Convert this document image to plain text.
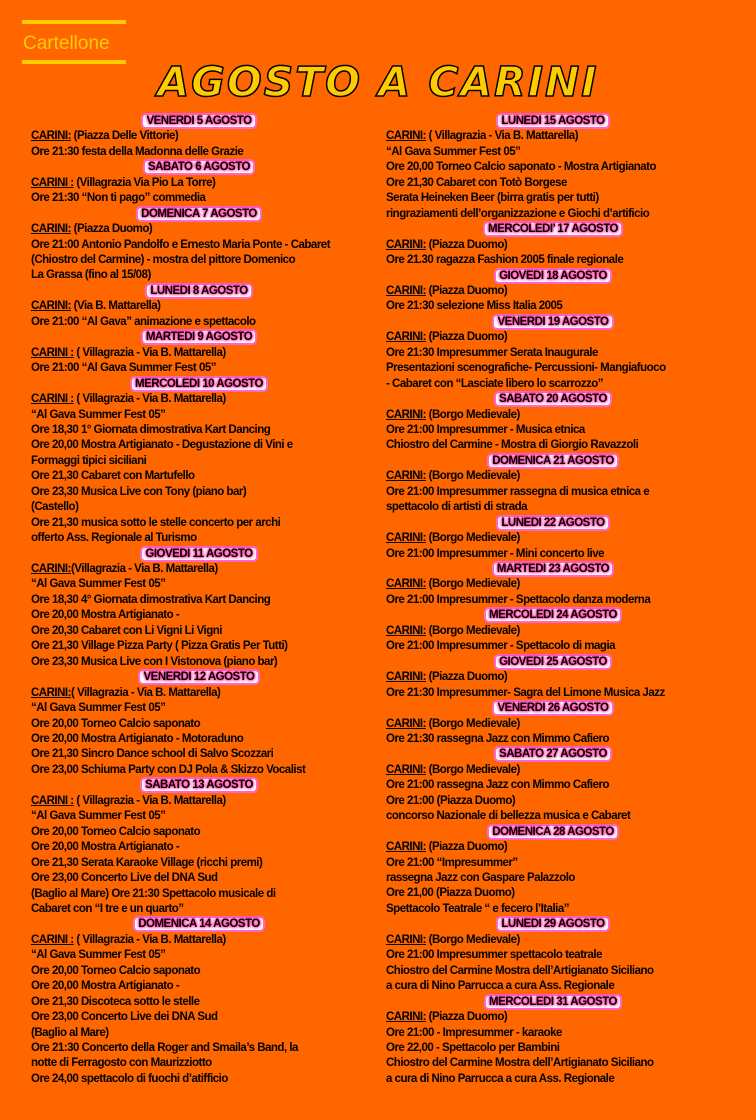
Cartellone
AGOSTO A CARINI
VENERDI 5 AGOSTO
CARINI: (Piazza Delle Vittorie)
Ore 21:30 festa della Madonna delle Grazie
SABATO 6 AGOSTO
CARINI : (Villagrazia Via Pio La Torre)
Ore 21:30 “Non ti pago” commedia
DOMENICA 7 AGOSTO
CARINI: (Piazza Duomo)
Ore 21:00 Antonio Pandolfo e Ernesto Maria Ponte - Cabaret
(Chiostro del Carmine) - mostra del pittore Domenico
La Grassa (fino al 15/08)
LUNEDI 8 AGOSTO
CARINI: (Via B. Mattarella)
Ore 21:00 “Al Gava” animazione e spettacolo
MARTEDI 9 AGOSTO
CARINI : ( Villagrazia - Via B. Mattarella)
Ore 21:00 “Al Gava Summer Fest 05”
MERCOLEDI 10 AGOSTO
CARINI : ( Villagrazia - Via B. Mattarella)
“Al Gava Summer Fest 05”
Ore 18,30 1° Giornata dimostrativa Kart Dancing
Ore 20,00 Mostra Artigianato - Degustazione di Vini e
Formaggi tipici siciliani
Ore 21,30 Cabaret con Martufello
Ore 23,30 Musica Live con Tony (piano bar)
(Castello)
Ore 21,30 musica sotto le stelle concerto per archi
offerto Ass. Regionale al Turismo
GIOVEDI 11 AGOSTO
CARINI:(Villagrazia - Via B. Mattarella)
“Al Gava Summer Fest 05”
Ore 18,30 4° Giornata dimostrativa Kart Dancing
Ore 20,00 Mostra Artigianato -
Ore 20,30 Cabaret con Li Vigni Li Vigni
Ore 21,30 Village Pizza Party ( Pizza Gratis Per Tutti)
Ore 23,30 Musica Live con I Vistonova (piano bar)
VENERDI 12 AGOSTO
CARINI:( Villagrazia - Via B. Mattarella)
“Al Gava Summer Fest 05”
Ore 20,00 Torneo Calcio saponato
Ore 20,00 Mostra Artigianato - Motoraduno
Ore 21,30 Sincro Dance school di Salvo Scozzari
Ore 23,00 Schiuma Party con DJ Pola & Skizzo Vocalist
SABATO 13 AGOSTO
CARINI : ( Villagrazia - Via B. Mattarella)
“Al Gava Summer Fest 05”
Ore 20,00 Torneo Calcio saponato
Ore 20,00 Mostra Artigianato -
Ore 21,30 Serata Karaoke Village (ricchi premi)
Ore 23,00 Concerto Live del DNA Sud
(Baglio al Mare) Ore 21:30 Spettacolo musicale di
Cabaret con “I tre e un quarto”
DOMENICA 14 AGOSTO
CARINI : ( Villagrazia - Via B. Mattarella)
“Al Gava Summer Fest 05”
Ore 20,00 Torneo Calcio saponato
Ore 20,00 Mostra Artigianato -
Ore 21,30 Discoteca sotto le stelle
Ore 23,00 Concerto Live dei DNA Sud
(Baglio al Mare)
Ore 21:30 Concerto della Roger and Smaila’s Band, la
notte di Ferragosto con Maurizziotto
Ore 24,00 spettacolo di fuochi d’atifficio
LUNEDI 15 AGOSTO
CARINI: ( Villagrazia - Via B. Mattarella)
“Al Gava Summer Fest 05”
Ore 20,00 Torneo Calcio saponato - Mostra Artigianato
Ore 21,30 Cabaret con Totò Borgese
Serata Heineken Beer (birra gratis per tutti)
ringraziamenti dell’organizzazione e Giochi d’artificio
MERCOLEDI’ 17 AGOSTO
CARINI: (Piazza Duomo)
Ore 21.30 ragazza Fashion 2005 finale regionale
GIOVEDI 18 AGOSTO
CARINI: (Piazza Duomo)
Ore 21:30 selezione Miss Italia 2005
VENERDI 19 AGOSTO
CARINI: (Piazza Duomo)
Ore 21:30 Impresummer Serata Inaugurale
Presentazioni scenografiche- Percussioni- Mangiafuoco
- Cabaret con “Lasciate libero lo scarrozzo”
SABATO 20 AGOSTO
CARINI: (Borgo Medievale)
Ore 21:00 Impresummer - Musica etnica
Chiostro del Carmine - Mostra di Giorgio Ravazzoli
DOMENICA 21 AGOSTO
CARINI: (Borgo Medievale)
Ore 21:00 Impresummer rassegna di musica etnica e
spettacolo di artisti di strada
LUNEDI 22 AGOSTO
CARINI: (Borgo Medievale)
Ore 21:00 Impresummer - Mini concerto live
MARTEDI 23 AGOSTO
CARINI: (Borgo Medievale)
Ore 21:00 Impresummer - Spettacolo danza moderna
MERCOLEDI 24 AGOSTO
CARINI: (Borgo Medievale)
Ore 21:00 Impresummer - Spettacolo di magia
GIOVEDI 25 AGOSTO
CARINI: (Piazza Duomo)
Ore 21:30 Impresummer- Sagra del Limone Musica Jazz
VENERDI 26 AGOSTO
CARINI: (Borgo Medievale)
Ore 21:30 rassegna Jazz con Mimmo Cafiero
SABATO 27 AGOSTO
CARINI: (Borgo Medievale)
Ore 21:00 rassegna Jazz con Mimmo Cafiero
Ore 21:00 (Piazza Duomo)
concorso Nazionale di bellezza musica e Cabaret
DOMENICA 28 AGOSTO
CARINI: (Piazza Duomo)
Ore 21:00 “Impresummer”
rassegna Jazz con Gaspare Palazzolo
Ore 21,00 (Piazza Duomo)
Spettacolo Teatrale “ e fecero l’Italia”
LUNEDI 29 AGOSTO
CARINI: (Borgo Medievale)
Ore 21:00 Impresummer spettacolo teatrale
Chiostro del Carmine Mostra dell’Artigianato Siciliano
a cura di Nino Parrucca a cura Ass. Regionale
MERCOLEDI 31 AGOSTO
CARINI: (Piazza Duomo)
Ore 21:00 - Impresummer - karaoke
Ore 22,00 - Spettacolo per Bambini
Chiostro del Carmine Mostra dell’Artigianato Siciliano
a cura di Nino Parrucca a cura Ass. Regionale
